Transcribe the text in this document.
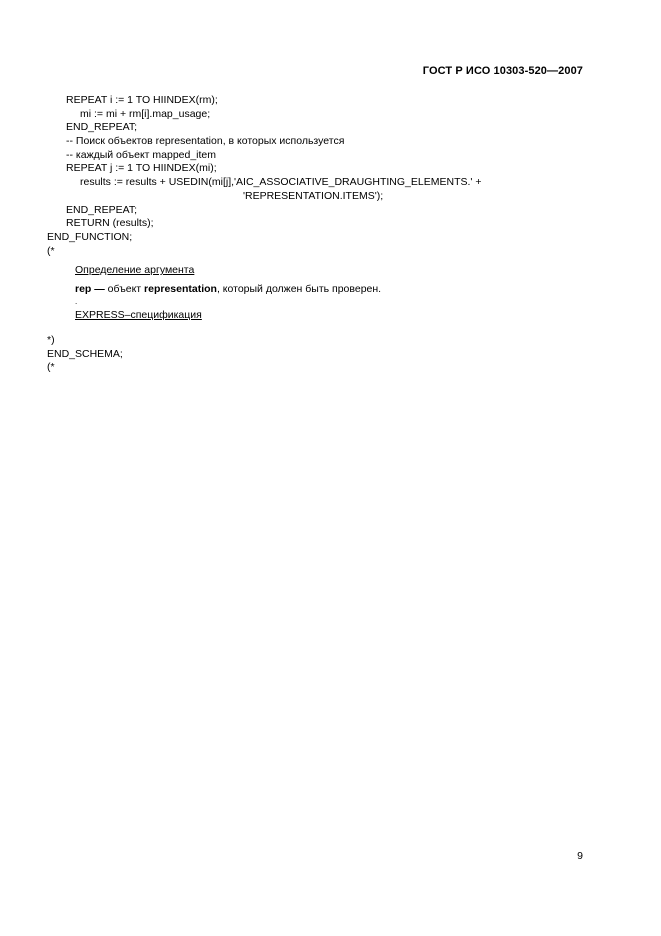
ГОСТ Р ИСО 10303-520—2007
REPEAT i := 1 TO HIINDEX(rm);
mi := mi + rm[i].map_usage;
END_REPEAT;
-- Поиск объектов representation, в которых используется
-- каждый объект mapped_item
REPEAT j := 1 TO HIINDEX(mi);
results := results + USEDIN(mi[j],'AIC_ASSOCIATIVE_DRAUGHTING_ELEMENTS.' +
'REPRESENTATION.ITEMS');
END_REPEAT;
RETURN (results);
END_FUNCTION;
(*
Определение аргумента
rep — объект representation, который должен быть проверен.
.
EXPRESS–спецификация
*)
END_SCHEMA;
(*
9
